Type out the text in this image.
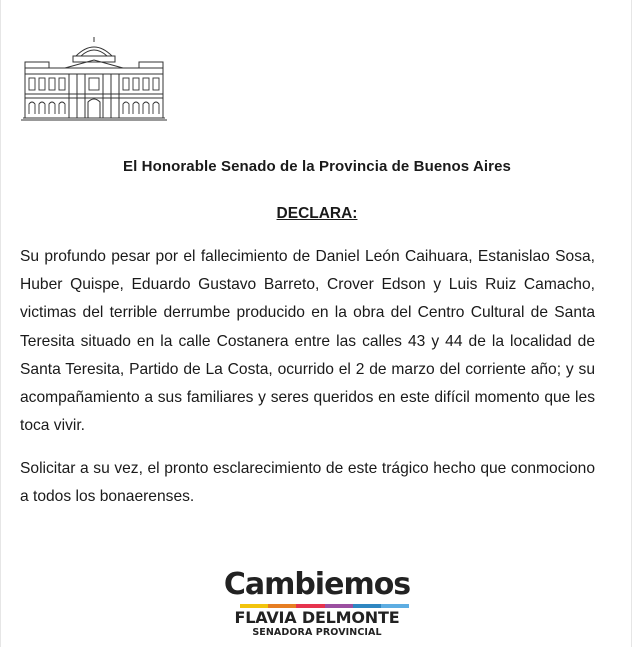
El Honorable Senado de la Provincia de Buenos Aires
DECLARA:

Su profundo pesar por el fallecimiento de Daniel León Caihuara, Estanislao Sosa, Huber Quispe, Eduardo Gustavo Barreto, Crover Edson y Luis Ruiz Camacho, victimas del terrible derrumbe producido en la obra del Centro Cultural de Santa Teresita situado en la calle Costanera entre las calles 43 y 44 de la localidad de Santa Teresita, Partido de La Costa, ocurrido el 2 de marzo del corriente año; y su acompañamiento a sus familiares y seres queridos en este difícil momento que les toca vivir.

Solicitar a su vez, el pronto esclarecimiento de este trágico hecho que conmociono a todos los bonaerenses.

Cambiemos
FLAVIA DELMONTE
SENADORA PROVINCIAL
